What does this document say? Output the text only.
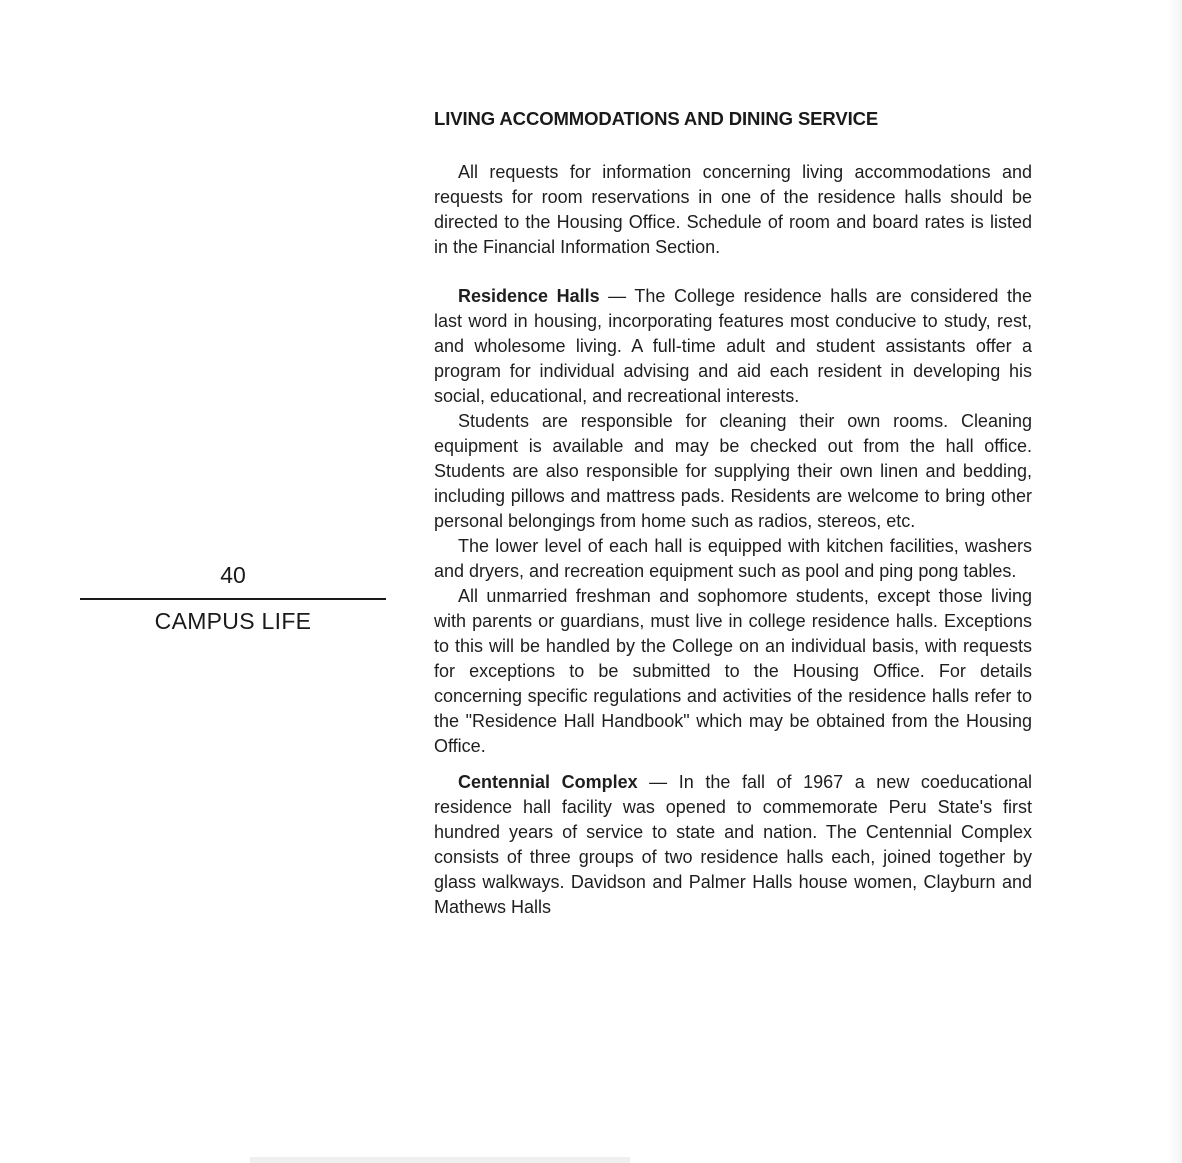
40
CAMPUS LIFE
LIVING ACCOMMODATIONS AND DINING SERVICE

All requests for information concerning living accommodations and requests for room reservations in one of the residence halls should be directed to the Housing Office. Schedule of room and board rates is listed in the Financial Information Section.

Residence Halls — The College residence halls are considered the last word in housing, incorporating features most conducive to study, rest, and wholesome living. A full-time adult and student assistants offer a program for individual advising and aid each resident in developing his social, educational, and recreational interests.

Students are responsible for cleaning their own rooms. Cleaning equipment is available and may be checked out from the hall office. Students are also responsible for supplying their own linen and bedding, including pillows and mattress pads. Residents are welcome to bring other personal belongings from home such as radios, stereos, etc.

The lower level of each hall is equipped with kitchen facilities, washers and dryers, and recreation equipment such as pool and ping pong tables.

All unmarried freshman and sophomore students, except those living with parents or guardians, must live in college residence halls. Exceptions to this will be handled by the College on an individual basis, with requests for exceptions to be submitted to the Housing Office. For details concerning specific regulations and activities of the residence halls refer to the "Residence Hall Handbook" which may be obtained from the Housing Office.

Centennial Complex — In the fall of 1967 a new coeducational residence hall facility was opened to commemorate Peru State's first hundred years of service to state and nation. The Centennial Complex consists of three groups of two residence halls each, joined together by glass walkways. Davidson and Palmer Halls house women, Clayburn and Mathews Halls
